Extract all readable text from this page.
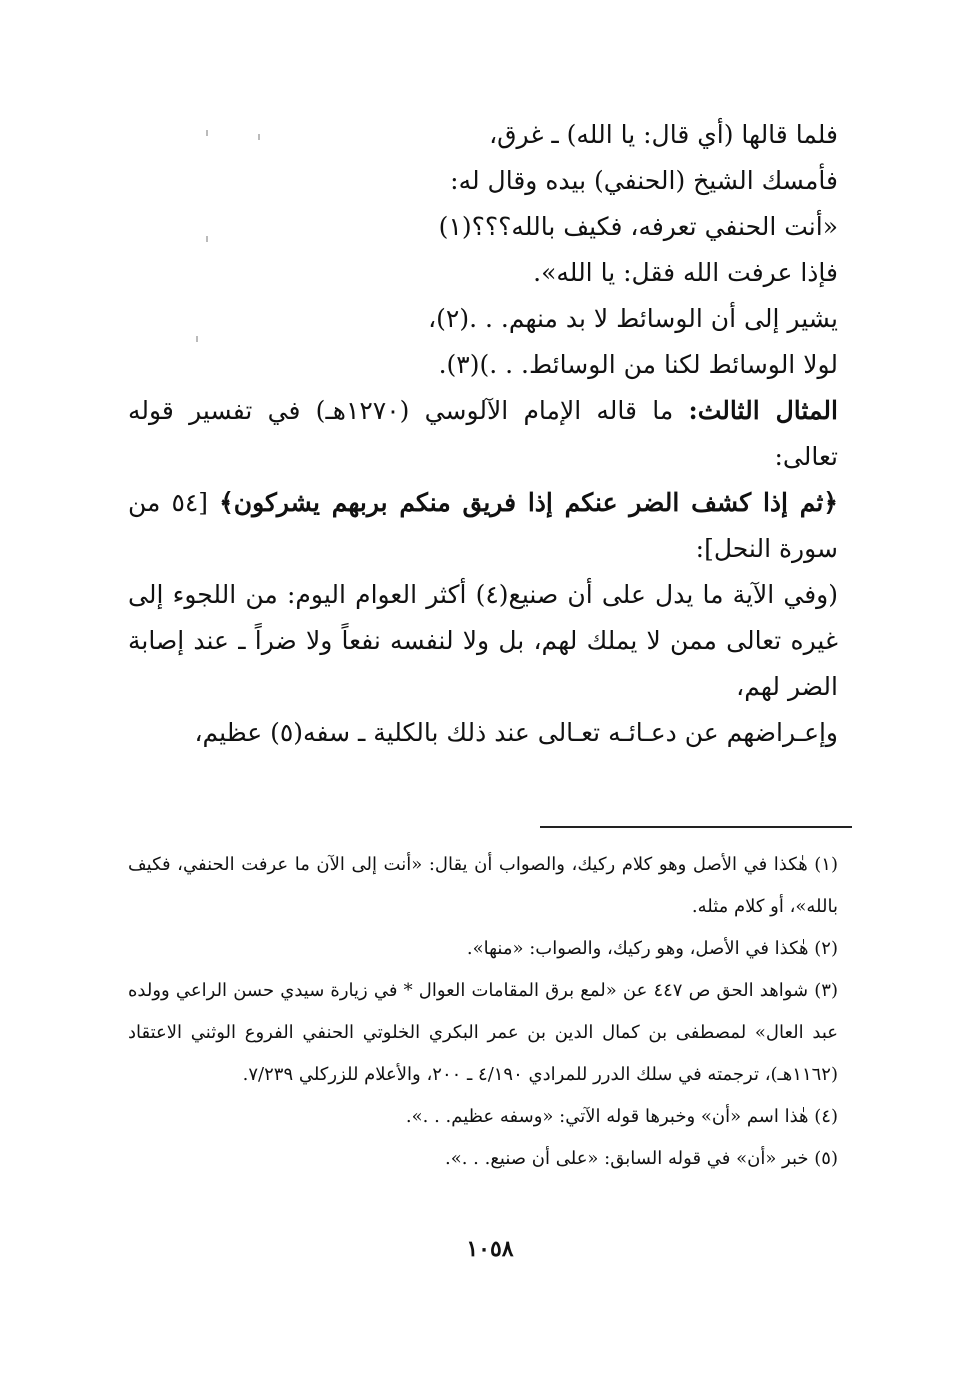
فلما قالها (أي قال: يا الله) ـ غرق،
فأمسك الشيخ (الحنفي) بيده وقال له:
«أنت الحنفي تعرفه، فكيف بالله؟؟؟(١)
فإذا عرفت الله فقل: يا الله».
يشير إلى أن الوسائط لا بد منهم. . .(٢)،
لولا الوسائط لكنا من الوسائط. . .)(٣).
المثال الثالث: ما قاله الإمام الآلوسي (١٢٧٠هـ) في تفسير قوله تعالى:
﴿ثم إذا كشف الضر عنكم إذا فريق منكم بربهم يشركون﴾ [٥٤ من سورة النحل]:
(وفي الآية ما يدل على أن صنيع(٤) أكثر العوام اليوم: من اللجوء إلى غيره تعالى ممن لا يملك لهم، بل ولا لنفسه نفعاً ولا ضراً ـ عند إصابة الضر لهم،
وإعـراضهم عن دعـائـه تعـالى عند ذلك بالكلية ـ سفه(٥) عظيم،
(١) هٰكذا في الأصل وهو كلام ركيك، والصواب أن يقال: «أنت إلى الآن ما عرفت الحنفي، فكيف بالله»، أو كلام مثله.
(٢) هٰكذا في الأصل، وهو ركيك، والصواب: «منها».
(٣) شواهد الحق ص ٤٤٧ عن «لمع برق المقامات العوال * في زيارة سيدي حسن الراعي وولده عبد العال» لمصطفى بن كمال الدين بن عمر البكري الخلوتي الحنفي الفروع الوثني الاعتقاد (١١٦٢هـ)، ترجمته في سلك الدرر للمرادي ٤/١٩٠ ـ ٢٠٠، والأعلام للزركلي ٧/٢٣٩.
(٤) هٰذا اسم «أن» وخبرها قوله الآتي: «وسفه عظيم. . .».
(٥) خبر «أن» في قوله السابق: «على أن صنيع. . .».
١٠٥٨
